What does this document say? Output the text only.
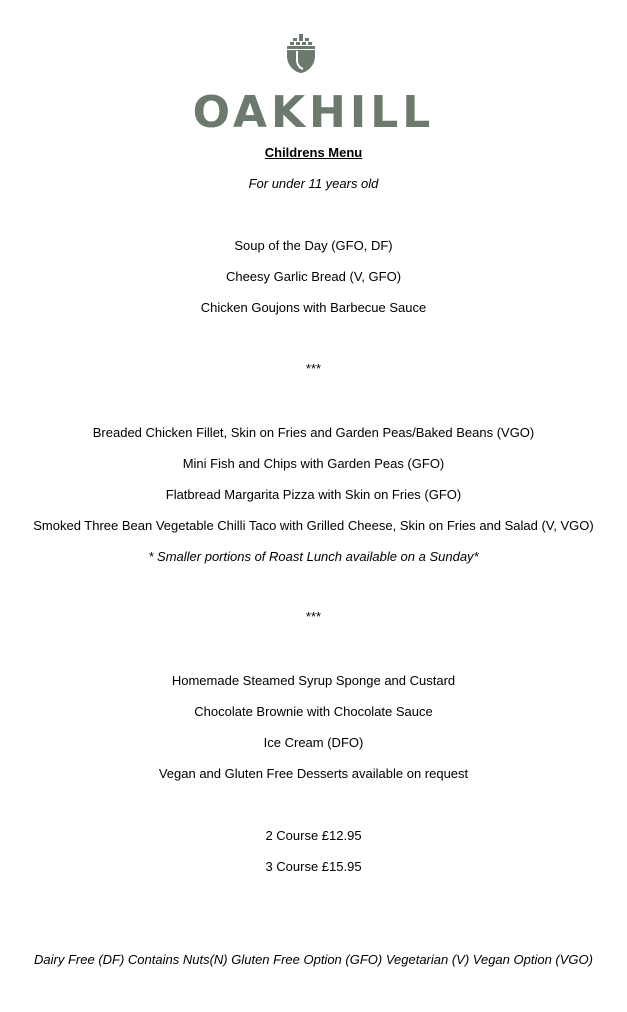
OAKHILL
Childrens Menu
For under 11 years old
Soup of the Day (GFO, DF)
Cheesy Garlic Bread (V, GFO)
Chicken Goujons with Barbecue Sauce
***
Breaded Chicken Fillet, Skin on Fries and Garden Peas/Baked Beans (VGO)
Mini Fish and Chips with Garden Peas (GFO)
Flatbread Margarita Pizza with Skin on Fries (GFO)
Smoked Three Bean Vegetable Chilli Taco with Grilled Cheese, Skin on Fries and Salad (V, VGO)
* Smaller portions of Roast Lunch available on a Sunday*
***
Homemade Steamed Syrup Sponge and Custard
Chocolate Brownie with Chocolate Sauce
Ice Cream (DFO)
Vegan and Gluten Free Desserts available on request
2 Course £12.95
3 Course £15.95
Dairy Free (DF) Contains Nuts(N) Gluten Free Option (GFO) Vegetarian (V) Vegan Option (VGO)
